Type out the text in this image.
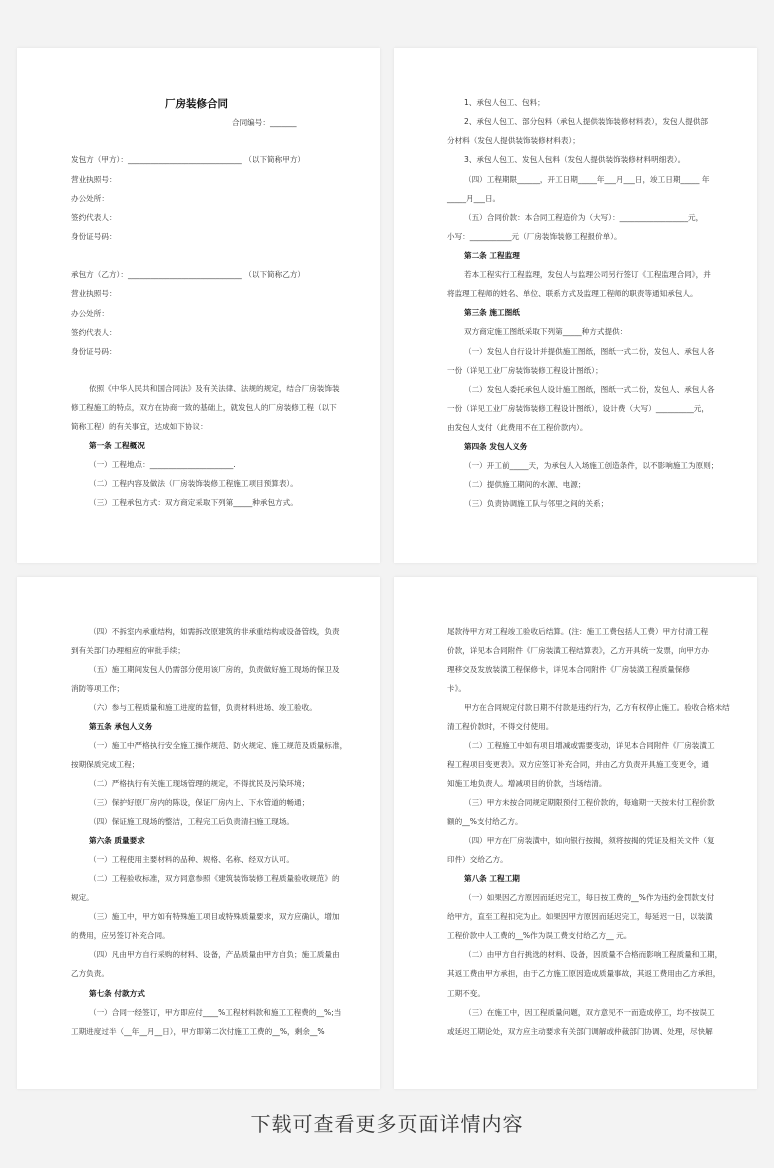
厂房装修合同
合同编号：_______
发包方（甲方）：______________________________ （以下简称甲方）
营业执照号：
办公处所：
签约代表人：
身份证号码：
承包方（乙方）：______________________________ （以下简称乙方）
营业执照号：
办公处所：
签约代表人：
身份证号码：
依照《中华人民共和国合同法》及有关法律、法规的规定，结合厂房装饰装
修工程施工的特点，双方在协商一致的基础上，就发包人的厂房装修工程（以下
简称工程）的有关事宜，达成如下协议：
第一条 工程概况
（一）工程地点：______________________.
（二）工程内容及做法（厂房装饰装修工程施工项目预算表）。
（三）工程承包方式：双方商定采取下列第_____种承包方式。
1、承包人包工、包料；
2、承包人包工、部分包料（承包人提供装饰装修材料表），发包人提供部
分材料（发包人提供装饰装修材料表）；
3、承包人包工、发包人包料（发包人提供装饰装修材料明细表）。
（四）工程期限______，开工日期_____年___月___日，竣工日期_____ 年
_____月___日。
（五）合同价款：本合同工程造价为（大写）：__________________元，
小写：___________元（厂房装饰装修工程报价单）。
第二条 工程监理
若本工程实行工程监理，发包人与监理公司另行签订《工程监理合同》，并
将监理工程师的姓名、单位、联系方式及监理工程师的职责等通知承包人。
第三条 施工图纸
双方商定施工图纸采取下列第_____种方式提供：
（一）发包人自行设计并提供施工图纸，图纸一式二份，发包人、承包人各
一份（详见工业厂房装饰装修工程设计图纸）；
（二）发包人委托承包人设计施工图纸，图纸一式二份，发包人、承包人各
一份（详见工业厂房装饰装修工程设计图纸），设计费（大写）__________元，
由发包人支付（此费用不在工程价款内）。
第四条 发包人义务
（一）开工前_____天，为承包人入场施工创造条件，以不影响施工为原则；
（二）提供施工期间的水源、电源；
（三）负责协调施工队与邻里之间的关系；
（四）不拆室内承重结构，如需拆改原建筑的非承重结构或设备管线，负责
到有关部门办理相应的审批手续；
（五）施工期间发包人仍需部分使用该厂房的，负责做好施工现场的保卫及
消防等项工作；
（六）参与工程质量和施工进度的监督，负责材料进场、竣工验收。
第五条 承包人义务
（一）施工中严格执行安全施工操作规范、防火规定、施工规范及质量标准，
按期保质完成工程；
（二）严格执行有关施工现场管理的规定，不得扰民及污染环境；
（三）保护好原厂房内的陈设，保证厂房内上、下水管道的畅通；
（四）保证施工现场的整洁，工程完工后负责清扫施工现场。
第六条 质量要求
（一）工程使用主要材料的品种、规格、名称、经双方认可。
（二）工程验收标准，双方同意参照《建筑装饰装修工程质量验收规范》的
规定。
（三）施工中，甲方如有特殊施工项目或特殊质量要求，双方应确认，增加
的费用，应另签订补充合同。
（四）凡由甲方自行采购的材料、设备，产品质量由甲方自负；施工质量由
乙方负责。
第七条 付款方式
（一）合同一经签订，甲方即应付____%工程材料款和施工工程费的__%;当
工期进度过半（__年__月__日），甲方即第二次付施工工费的__%，剩余__%
尾款待甲方对工程竣工验收后结算。(注：施工工费包括人工费）甲方付清工程
价款，详见本合同附件《厂房装潢工程结算表》，乙方开具统一发票，向甲方办
理移交及发放装潢工程保修卡，详见本合同附件《厂房装潢工程质量保修
卡》。
甲方在合同规定付款日期不付款是违约行为，乙方有权停止施工。验收合格未结
清工程价款时，不得交付使用。
（二）工程施工中如有项目增减或需要变动，详见本合同附件《厂房装潢工
程工程项目变更表》。双方应签订补充合同，并由乙方负责开具施工变更令，通
知施工地负责人。增减项目的价款，当场结清。
（三）甲方未按合同规定期限预付工程价款的，每逾期一天按未付工程价款
额的__%支付给乙方。
（四）甲方在厂房装潢中，如向银行按揭，须将按揭的凭证及相关文件（复
印件）交给乙方。
第八条 工程工期
（一）如果因乙方原因而延迟完工，每日按工费的__%作为违约金罚款支付
给甲方，直至工程扣完为止。如果因甲方原因而延迟完工，每延迟一日，以装潢
工程价款中人工费的__%作为误工费支付给乙方__ 元。
（二）由甲方自行挑选的材料、设备，因质量不合格而影响工程质量和工期，
其返工费由甲方承担，由于乙方施工原因造成质量事故，其返工费用由乙方承担，
工期不变。
（三）在施工中，因工程质量问题，双方意见不一而造成停工，均不按误工
或延迟工期论处，双方应主动要求有关部门调解或仲裁部门协调、处理，尽快解
下载可查看更多页面详情内容
